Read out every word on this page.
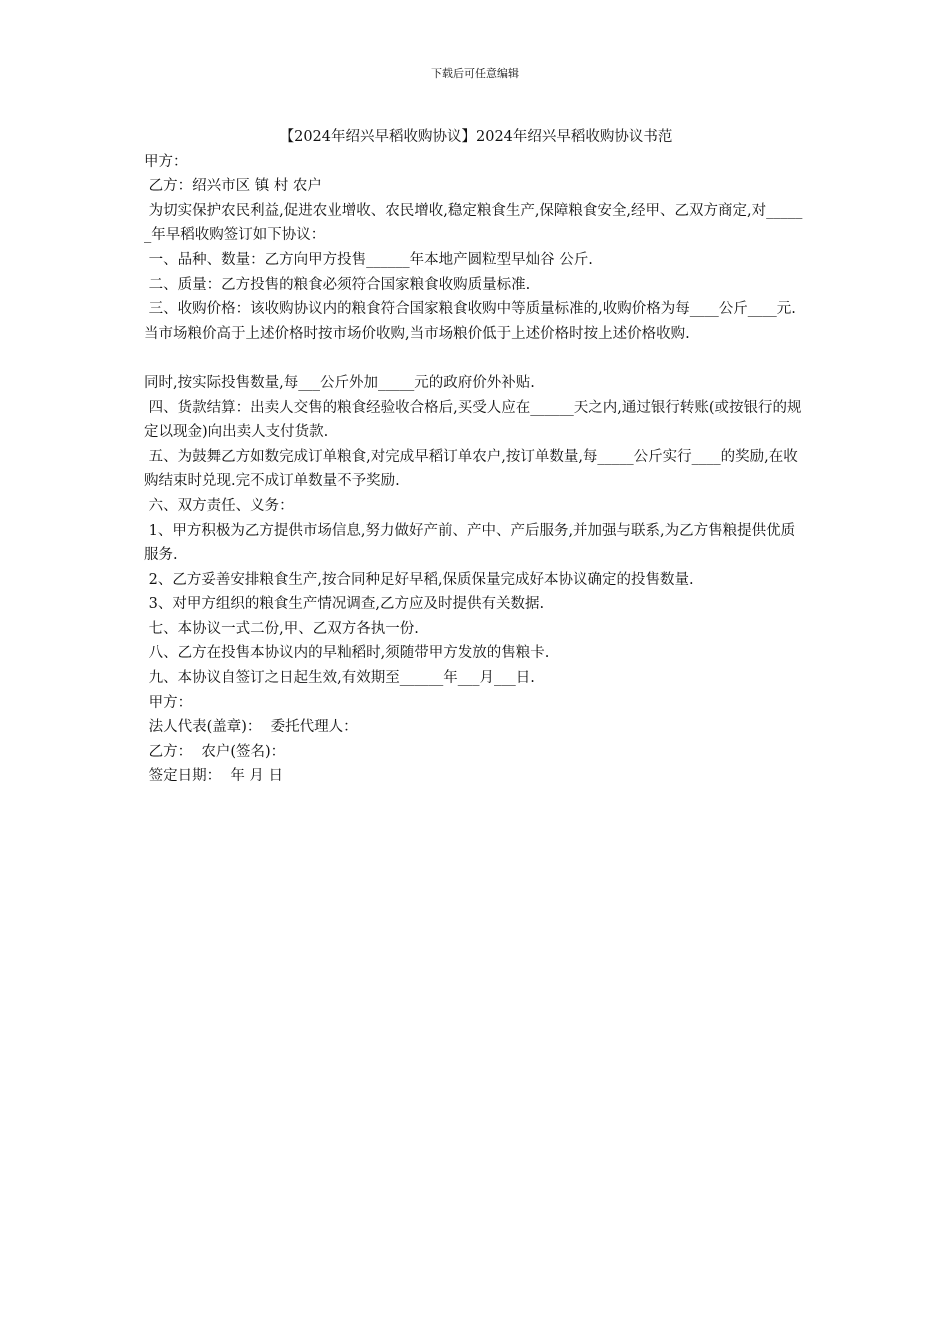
下载后可任意编辑
【2024年绍兴早稻收购协议】2024年绍兴早稻收购协议书范

甲方：

乙方：绍兴市区 镇 村 农户

为切实保护农民利益,促进农业增收、农民增收,稳定粮食生产,保障粮食安全,经甲、乙双方商定,对______年早稻收购签订如下协议：

一、品种、数量：乙方向甲方投售______年本地产圆粒型早灿谷 公斤.

二、质量：乙方投售的粮食必须符合国家粮食收购质量标准.

三、收购价格：该收购协议内的粮食符合国家粮食收购中等质量标准的,收购价格为每____公斤____元.当市场粮价高于上述价格时按市场价收购,当市场粮价低于上述价格时按上述价格收购.

同时,按实际投售数量,每___公斤外加_____元的政府价外补贴.

四、货款结算：出卖人交售的粮食经验收合格后,买受人应在______天之内,通过银行转账(或按银行的规定以现金)向出卖人支付货款.

五、为鼓舞乙方如数完成订单粮食,对完成早稻订单农户,按订单数量,每_____公斤实行____的奖励,在收购结束时兑现.完不成订单数量不予奖励.

六、双方责任、义务：

1、甲方积极为乙方提供市场信息,努力做好产前、产中、产后服务,并加强与联系,为乙方售粮提供优质服务.

2、乙方妥善安排粮食生产,按合同种足好早稻,保质保量完成好本协议确定的投售数量.

3、对甲方组织的粮食生产情况调查,乙方应及时提供有关数据.

七、本协议一式二份,甲、乙双方各执一份.

八、乙方在投售本协议内的早籼稻时,须随带甲方发放的售粮卡.

九、本协议自签订之日起生效,有效期至______年___月___日.

甲方：

法人代表(盖章)：  委托代理人：

乙方：  农户(签名)：

签定日期：  年 月 日
